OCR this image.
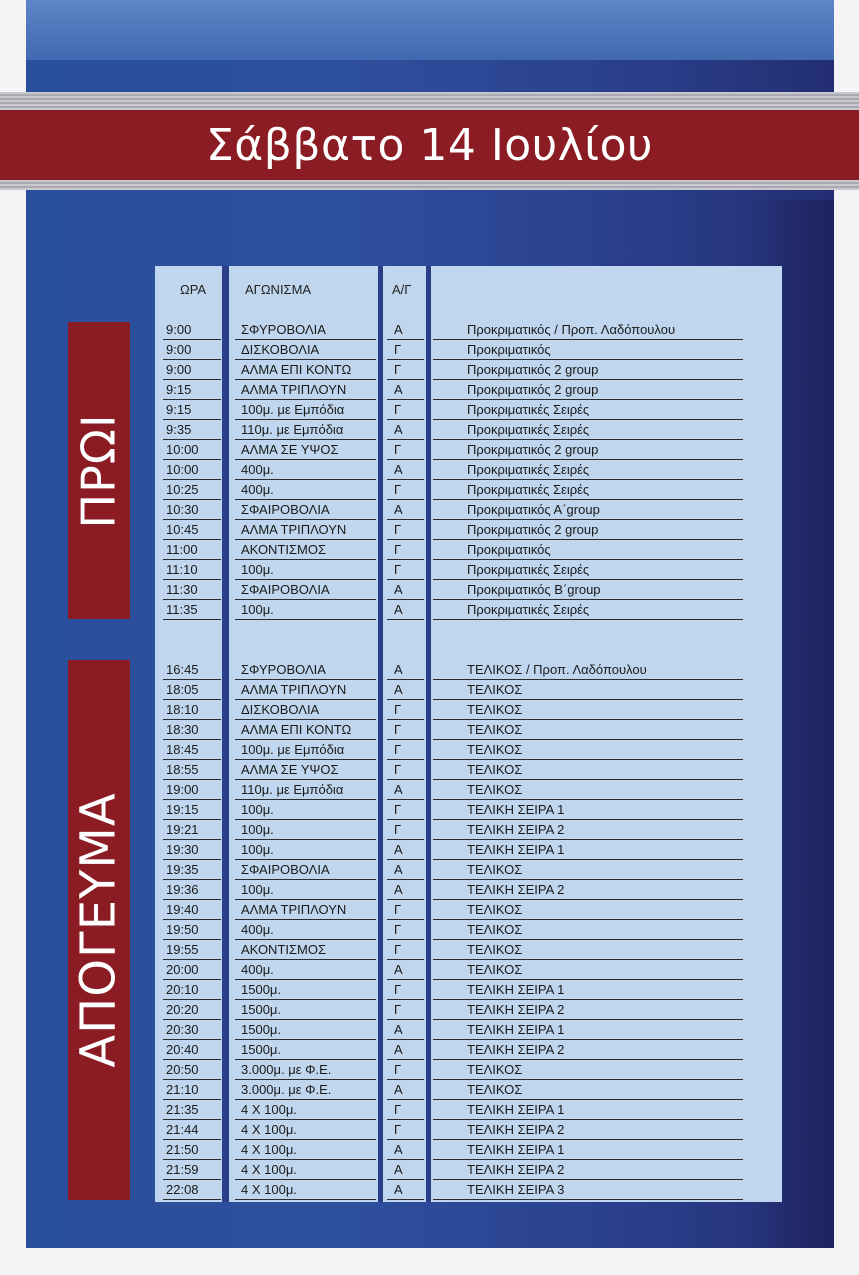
Σάββατο 14 Ιουλίου
ΠΡΩΙ
ΑΠΟΓΕΥΜΑ
ΩΡΑ	ΑΓΩΝΙΣΜΑ	Α/Γ
9:00	ΣΦΥΡΟΒΟΛΙΑ	Α	Προκριματικός / Προπ. Λαδόπουλου
9:00	ΔΙΣΚΟΒΟΛΙΑ	Γ	Προκριματικός
9:00	ΑΛΜΑ ΕΠΙ ΚΟΝΤΩ	Γ	Προκριματικός 2 group
9:15	ΑΛΜΑ ΤΡΙΠΛΟΥΝ	Α	Προκριματικός 2 group
9:15	100μ. με Εμπόδια	Γ	Προκριματικές Σειρές
9:35	110μ. με Εμπόδια	Α	Προκριματικές Σειρές
10:00	ΑΛΜΑ ΣΕ ΥΨΟΣ	Γ	Προκριματικός 2 group
10:00	400μ.	Α	Προκριματικές Σειρές
10:25	400μ.	Γ	Προκριματικές Σειρές
10:30	ΣΦΑΙΡΟΒΟΛΙΑ	Α	Προκριματικός Α΄group
10:45	ΑΛΜΑ ΤΡΙΠΛΟΥΝ	Γ	Προκριματικός 2 group
11:00	ΑΚΟΝΤΙΣΜΟΣ	Γ	Προκριματικός
11:10	100μ.	Γ	Προκριματικές Σειρές
11:30	ΣΦΑΙΡΟΒΟΛΙΑ	Α	Προκριματικός Β΄group
11:35	100μ.	Α	Προκριματικές Σειρές
16:45	ΣΦΥΡΟΒΟΛΙΑ	Α	ΤΕΛΙΚΟΣ / Προπ. Λαδόπουλου
18:05	ΑΛΜΑ ΤΡΙΠΛΟΥΝ	Α	ΤΕΛΙΚΟΣ
18:10	ΔΙΣΚΟΒΟΛΙΑ	Γ	ΤΕΛΙΚΟΣ
18:30	ΑΛΜΑ ΕΠΙ ΚΟΝΤΩ	Γ	ΤΕΛΙΚΟΣ
18:45	100μ. με Εμπόδια	Γ	ΤΕΛΙΚΟΣ
18:55	ΑΛΜΑ ΣΕ ΥΨΟΣ	Γ	ΤΕΛΙΚΟΣ
19:00	110μ. με Εμπόδια	Α	ΤΕΛΙΚΟΣ
19:15	100μ.	Γ	ΤΕΛΙΚΗ ΣΕΙΡΑ 1
19:21	100μ.	Γ	ΤΕΛΙΚΗ ΣΕΙΡΑ 2
19:30	100μ.	Α	ΤΕΛΙΚΗ ΣΕΙΡΑ 1
19:35	ΣΦΑΙΡΟΒΟΛΙΑ	Α	ΤΕΛΙΚΟΣ
19:36	100μ.	Α	ΤΕΛΙΚΗ ΣΕΙΡΑ 2
19:40	ΑΛΜΑ ΤΡΙΠΛΟΥΝ	Γ	ΤΕΛΙΚΟΣ
19:50	400μ.	Γ	ΤΕΛΙΚΟΣ
19:55	ΑΚΟΝΤΙΣΜΟΣ	Γ	ΤΕΛΙΚΟΣ
20:00	400μ.	Α	ΤΕΛΙΚΟΣ
20:10	1500μ.	Γ	ΤΕΛΙΚΗ ΣΕΙΡΑ 1
20:20	1500μ.	Γ	ΤΕΛΙΚΗ ΣΕΙΡΑ 2
20:30	1500μ.	Α	ΤΕΛΙΚΗ ΣΕΙΡΑ 1
20:40	1500μ.	Α	ΤΕΛΙΚΗ ΣΕΙΡΑ 2
20:50	3.000μ. με Φ.Ε.	Γ	ΤΕΛΙΚΟΣ
21:10	3.000μ. με Φ.Ε.	Α	ΤΕΛΙΚΟΣ
21:35	4 Χ 100μ.	Γ	ΤΕΛΙΚΗ ΣΕΙΡΑ 1
21:44	4 Χ 100μ.	Γ	ΤΕΛΙΚΗ ΣΕΙΡΑ 2
21:50	4 Χ 100μ.	Α	ΤΕΛΙΚΗ ΣΕΙΡΑ 1
21:59	4 Χ 100μ.	Α	ΤΕΛΙΚΗ ΣΕΙΡΑ 2
22:08	4 Χ 100μ.	Α	ΤΕΛΙΚΗ ΣΕΙΡΑ 3
